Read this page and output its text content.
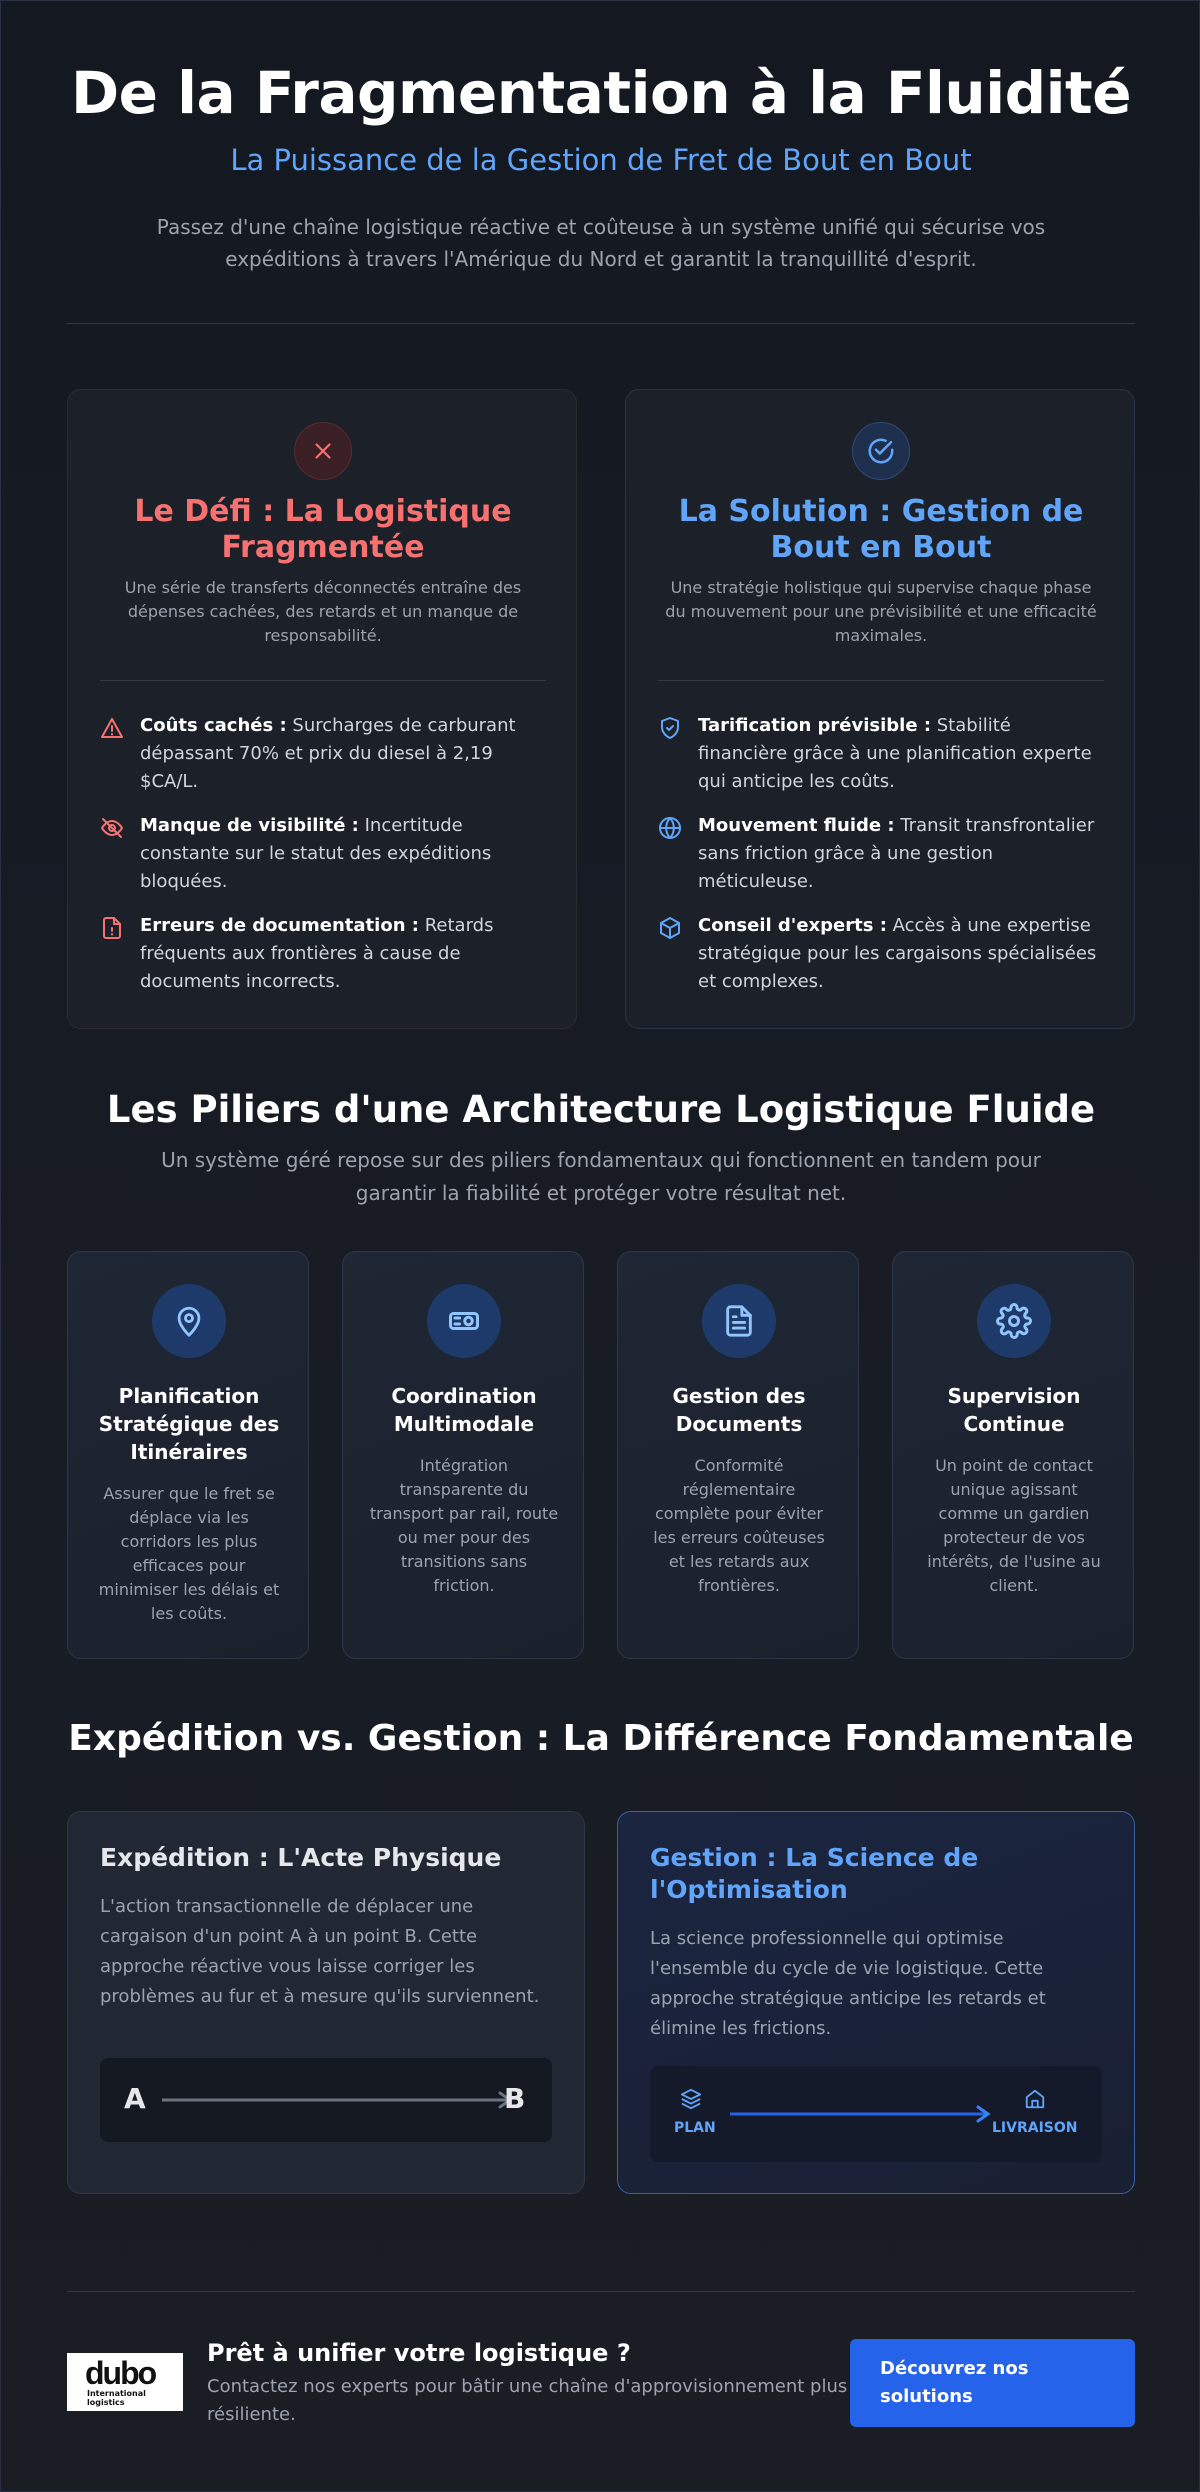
De la Fragmentation à la Fluidité
La Puissance de la Gestion de Fret de Bout en Bout

Passez d'une chaîne logistique réactive et coûteuse à un système unifié qui sécurise vos expéditions à travers l'Amérique du Nord et garantit la tranquillité d'esprit.

Le Défi : La Logistique Fragmentée
Une série de transferts déconnectés entraîne des dépenses cachées, des retards et un manque de responsabilité.
Coûts cachés : Surcharges de carburant dépassant 70% et prix du diesel à 2,19 $CA/L.
Manque de visibilité : Incertitude constante sur le statut des expéditions bloquées.
Erreurs de documentation : Retards fréquents aux frontières à cause de documents incorrects.
La Solution : Gestion de Bout en Bout
Une stratégie holistique qui supervise chaque phase du mouvement pour une prévisibilité et une efficacité maximales.
Tarification prévisible : Stabilité financière grâce à une planification experte qui anticipe les coûts.
Mouvement fluide : Transit transfrontalier sans friction grâce à une gestion méticuleuse.
Conseil d'experts : Accès à une expertise stratégique pour les cargaisons spécialisées et complexes.
Les Piliers d'une Architecture Logistique Fluide

Un système géré repose sur des piliers fondamentaux qui fonctionnent en tandem pour garantir la fiabilité et protéger votre résultat net.

Planification Stratégique des Itinéraires
Assurer que le fret se déplace via les corridors les plus efficaces pour minimiser les délais et les coûts.
Coordination Multimodale
Intégration transparente du transport par rail, route ou mer pour des transitions sans friction.
Gestion des Documents
Conformité réglementaire complète pour éviter les erreurs coûteuses et les retards aux frontières.
Supervision Continue
Un point de contact unique agissant comme un gardien protecteur de vos intérêts, de l'usine au client.
Expédition vs. Gestion : La Différence Fondamentale
Expédition : L'Acte Physique
L'action transactionnelle de déplacer une cargaison d'un point A à un point B. Cette approche réactive vous laisse corriger les problèmes au fur et à mesure qu'ils surviennent.
A	B
Gestion : La Science de l'Optimisation
La science professionnelle qui optimise l'ensemble du cycle de vie logistique. Cette approche stratégique anticipe les retards et élimine les frictions.
PLAN	LIVRAISON
dubo
International
logistics
Prêt à unifier votre logistique ?
Contactez nos experts pour bâtir une chaîne d'approvisionnement plus résiliente.
Découvrez nos
solutions
